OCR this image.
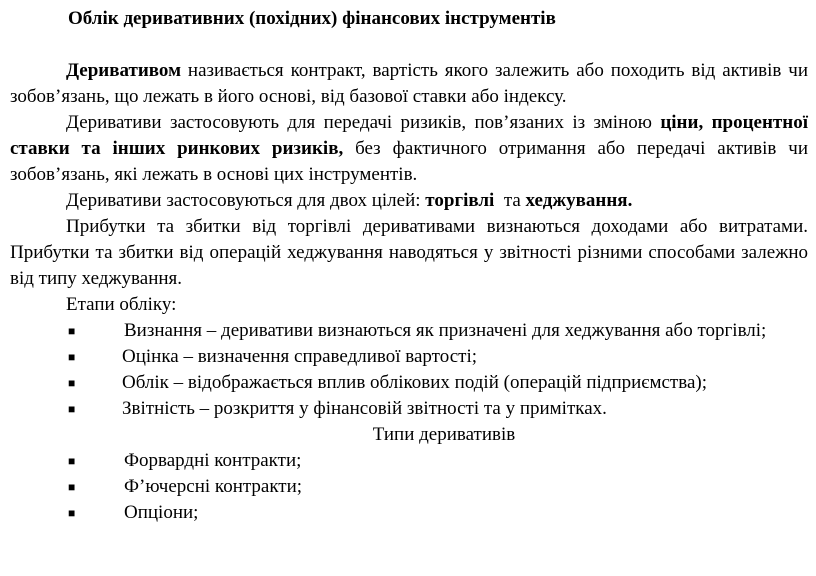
Облік деривативних (похідних) фінансових інструментів

Деривативом називається контракт, вартість якого залежить або походить від активів чи зобов’язань, що лежать в його основі, від базової ставки або індексу.

Деривативи застосовують для передачі ризиків, пов’язаних із зміною ціни, процентної ставки та інших ринкових ризиків, без фактичного отримання або передачі активів чи зобов’язань, які лежать в основі цих інструментів.

Деривативи застосовуються для двох цілей: торгівлі  та хеджування.

Прибутки та збитки від торгівлі деривативами визнаються доходами або витратами. Прибутки та збитки від операцій хеджування наводяться у звітності різними способами залежно від типу хеджування.

Етапи обліку:

■	Визнання – деривативи визнаються як призначені для хеджування або торгівлі;
■ Оцінка – визначення справедливої вартості;
■ Облік – відображається вплив облікових подій (операцій підприємства);
■ Звітність – розкриття у фінансовій звітності та у примітках.

Типи деривативів

■	Форвардні контракти;
■	Ф’ючерсні контракти;
■	Опціони;
